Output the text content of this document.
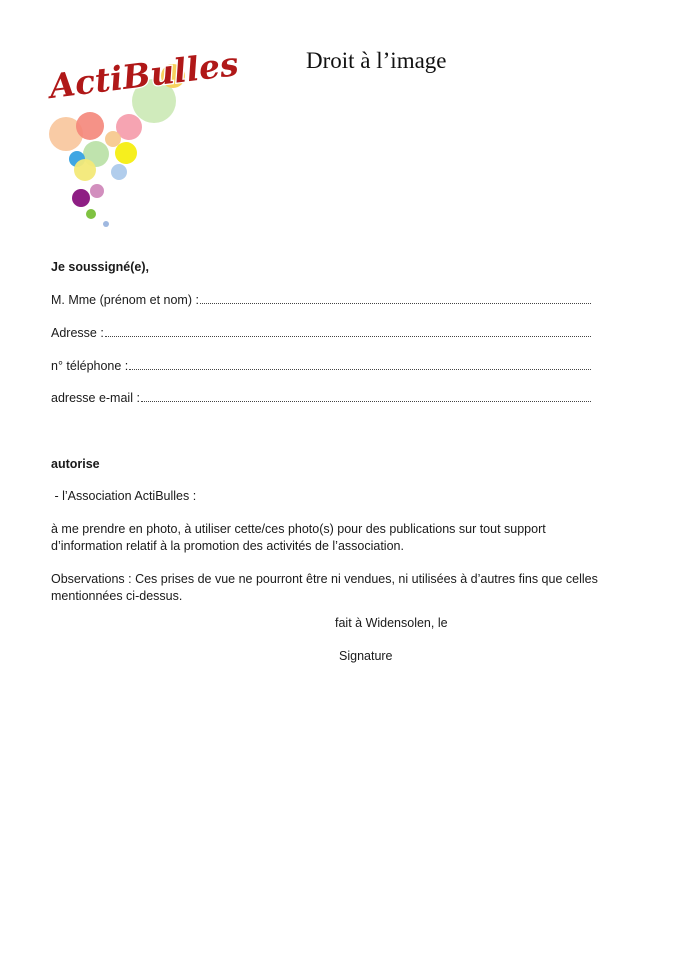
ActiBulles	Droit à l’image
Je soussigné(e),
M. Mme (prénom et nom) :
Adresse :
n° téléphone :
adresse e-mail :
autorise
- l’Association ActiBulles :
à me prendre en photo, à utiliser cette/ces photo(s) pour des publications sur tout support d’information relatif à la promotion des activités de l’association.
Observations : Ces prises de vue ne pourront être ni vendues, ni utilisées à d’autres fins que celles mentionnées ci-dessus.
fait à Widensolen, le
Signature
